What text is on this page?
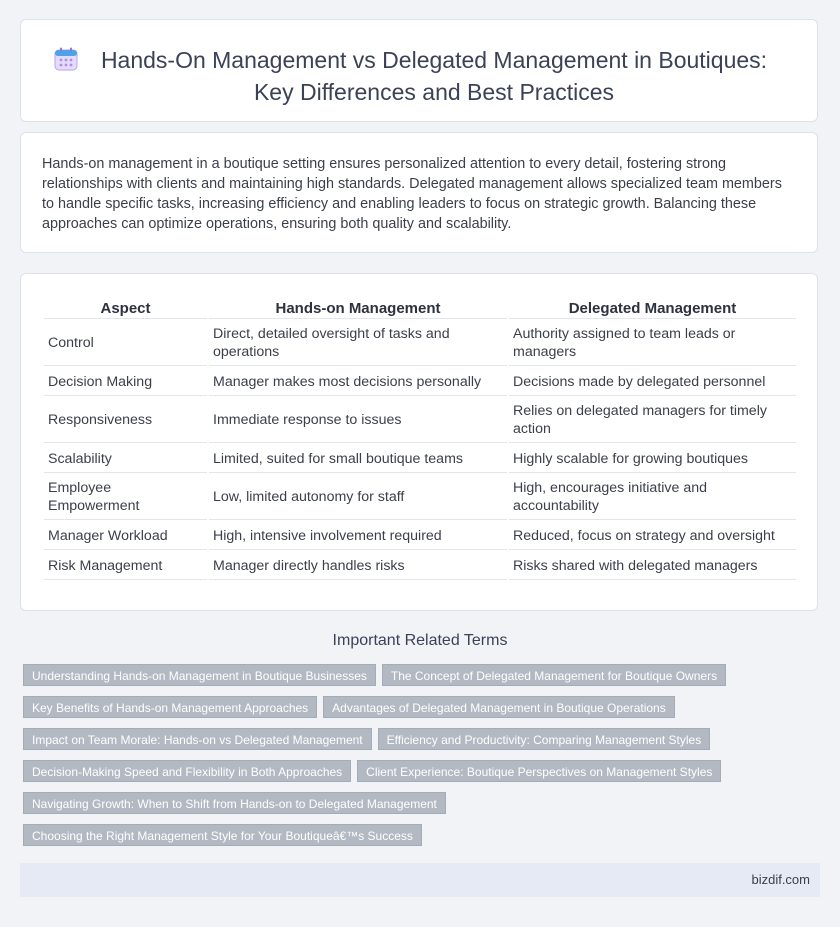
Hands-On Management vs Delegated Management in Boutiques: Key Differences and Best Practices

Hands-on management in a boutique setting ensures personalized attention to every detail, fostering strong relationships with clients and maintaining high standards. Delegated management allows specialized team members to handle specific tasks, increasing efficiency and enabling leaders to focus on strategic growth. Balancing these approaches can optimize operations, ensuring both quality and scalability.

Aspect	Hands-on Management	Delegated Management
Control	Direct, detailed oversight of tasks and operations	Authority assigned to team leads or managers
Decision Making	Manager makes most decisions personally	Decisions made by delegated personnel
Responsiveness	Immediate response to issues	Relies on delegated managers for timely action
Scalability	Limited, suited for small boutique teams	Highly scalable for growing boutiques
Employee Empowerment	Low, limited autonomy for staff	High, encourages initiative and accountability
Manager Workload	High, intensive involvement required	Reduced, focus on strategy and oversight
Risk Management	Manager directly handles risks	Risks shared with delegated managers
Important Related Terms
Understanding Hands-on Management in Boutique Businesses The Concept of Delegated Management for Boutique Owners
Key Benefits of Hands-on Management Approaches Advantages of Delegated Management in Boutique Operations
Impact on Team Morale: Hands-on vs Delegated Management Efficiency and Productivity: Comparing Management Styles
Decision-Making Speed and Flexibility in Both Approaches Client Experience: Boutique Perspectives on Management Styles
Navigating Growth: When to Shift from Hands-on to Delegated Management
Choosing the Right Management Style for Your Boutiqueâ€™s Success
bizdif.com
